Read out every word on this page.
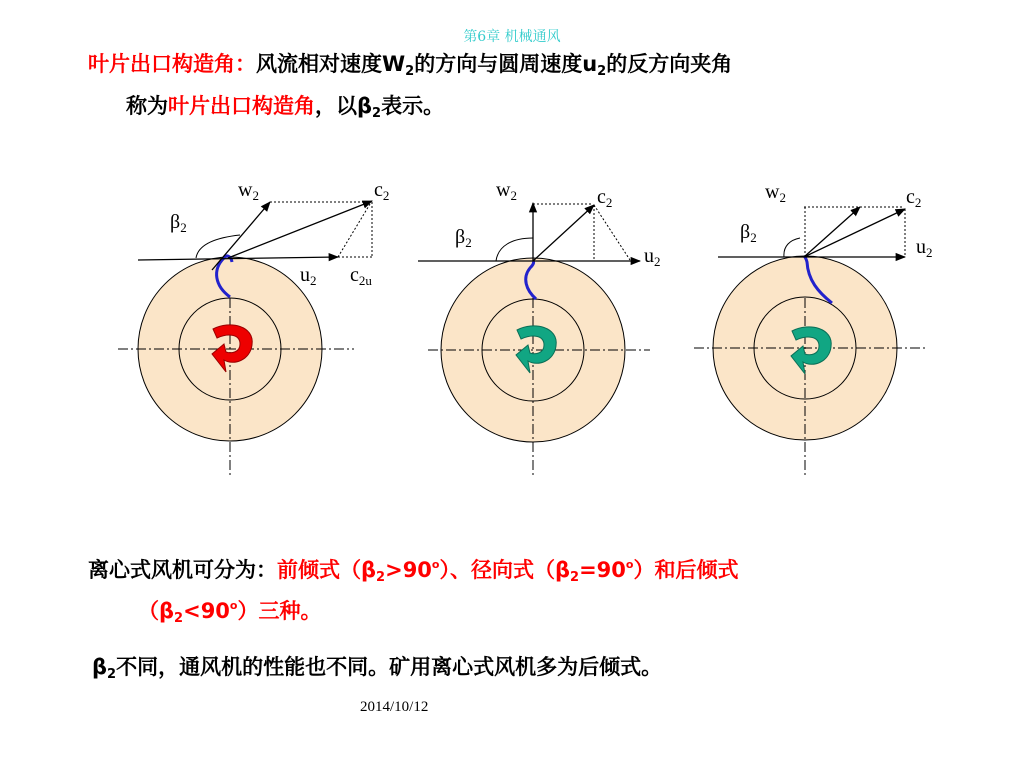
第6章 机械通风
叶片出口构造角：风流相对速度$W_2$的方向与圆周速度$u_2$的反方向夹角
称为叶片出口构造角，以$\beta_2$表示。
$w_2$	$c_2$
$\beta_2$
$u_2$ $c_{2u}$
$w_2$	$c_2$
$\beta_2$
$u_2$
$w_2$	$c_2$
$\beta_2$	$u_2$
离心式风机可分为：前倾式$(\beta_2>90^o)$、径向式$(\beta_2=90^o)$和后倾式
$(\beta_2<90^o)$三种。
$\beta_2$不同，通风机的性能也不同。矿用离心式风机多为后倾式。
2014/10/12
